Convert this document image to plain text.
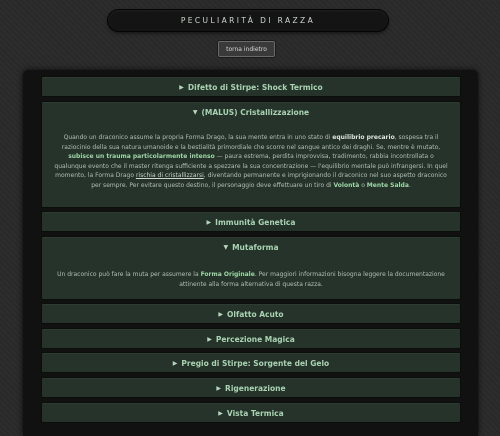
PECULIARITÀ DI RAZZA
torna indietro
▶ Difetto di Stirpe: Shock Termico
▼ (MALUS) Cristallizzazione
Quando un draconico assume la propria Forma Drago, la sua mente entra in uno stato di equilibrio precario, sospesa tra il raziocinio della sua natura umanoide e la bestialità primordiale che scorre nel sangue antico dei draghi. Se, mentre è mutato, subisce un trauma particolarmente intenso — paura estrema, perdita improvvisa, tradimento, rabbia incontrollata o qualunque evento che il master ritenga sufficiente a spezzare la sua concentrazione — l'equilibrio mentale può infrangersi. In quel momento, la Forma Drago rischia di cristallizzarsi, diventando permanente e imprigionando il draconico nel suo aspetto draconico per sempre. Per evitare questo destino, il personaggio deve effettuare un tiro di Volontà o Mente Salda.
▶ Immunità Genetica
▼ Mutaforma
Un draconico può fare la muta per assumere la Forma Originale. Per maggiori informazioni bisogna leggere la documentazione attinente alla forma alternativa di questa razza.
▶ Olfatto Acuto
▶ Percezione Magica
▶ Pregio di Stirpe: Sorgente del Gelo
▶ Rigenerazione
▶ Vista Termica
